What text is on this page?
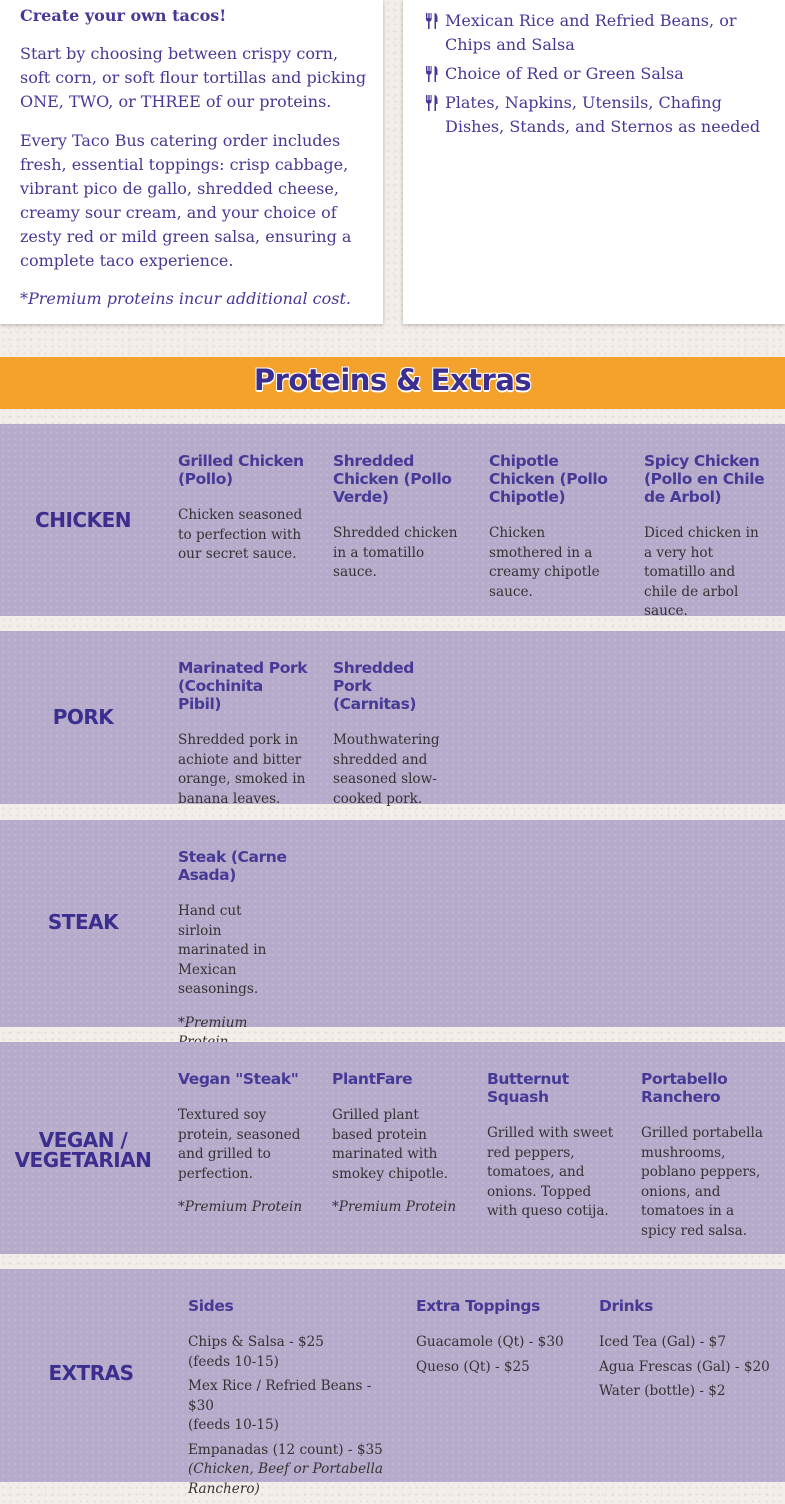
Create your own tacos!
Start by choosing between crispy corn, soft corn, or soft flour tortillas and picking ONE, TWO, or THREE of our proteins.
Every Taco Bus catering order includes fresh, essential toppings: crisp cabbage, vibrant pico de gallo, shredded cheese, creamy sour cream, and your choice of zesty red or mild green salsa, ensuring a complete taco experience.
*Premium proteins incur additional cost.
Mexican Rice and Refried Beans, or Chips and Salsa
Choice of Red or Green Salsa
Plates, Napkins, Utensils, Chafing Dishes, Stands, and Sternos as needed
Proteins & Extras
CHICKEN
Grilled Chicken (Pollo)
Chicken seasoned to perfection with our secret sauce.
Shredded Chicken (Pollo Verde)
Shredded chicken in a tomatillo sauce.
Chipotle Chicken (Pollo Chipotle)
Chicken smothered in a creamy chipotle sauce.
Spicy Chicken (Pollo en Chile de Arbol)
Diced chicken in a very hot tomatillo and chile de arbol sauce.
PORK
Marinated Pork (Cochinita Pibil)
Shredded pork in achiote and bitter orange, smoked in banana leaves.
Shredded Pork (Carnitas)
Mouthwatering shredded and seasoned slow-cooked pork.
STEAK
Steak (Carne Asada)
Hand cut sirloin marinated in Mexican seasonings.
*Premium
VEGAN / VEGETARIAN
Vegan "Steak"
Textured soy protein, seasoned and grilled to perfection.
*Premium Protein
PlantFare
Grilled plant based protein marinated with smokey chipotle.
*Premium Protein
Butternut Squash
Grilled with sweet red peppers, tomatoes, and onions. Topped with queso cotija.
Portabello Ranchero
Grilled portabella mushrooms, poblano peppers, onions, and tomatoes in a spicy red salsa.
EXTRAS
Sides
Chips & Salsa - $25
(feeds 10-15)
Mex Rice / Refried Beans - $30
(feeds 10-15)
Empanadas (12 count) - $35
(Chicken, Beef or Portabella Ranchero)
Extra Toppings
Guacamole (Qt) - $30
Queso (Qt) - $25
Drinks
Iced Tea (Gal) - $7
Agua Frescas (Gal) - $20
Water (bottle) - $2
